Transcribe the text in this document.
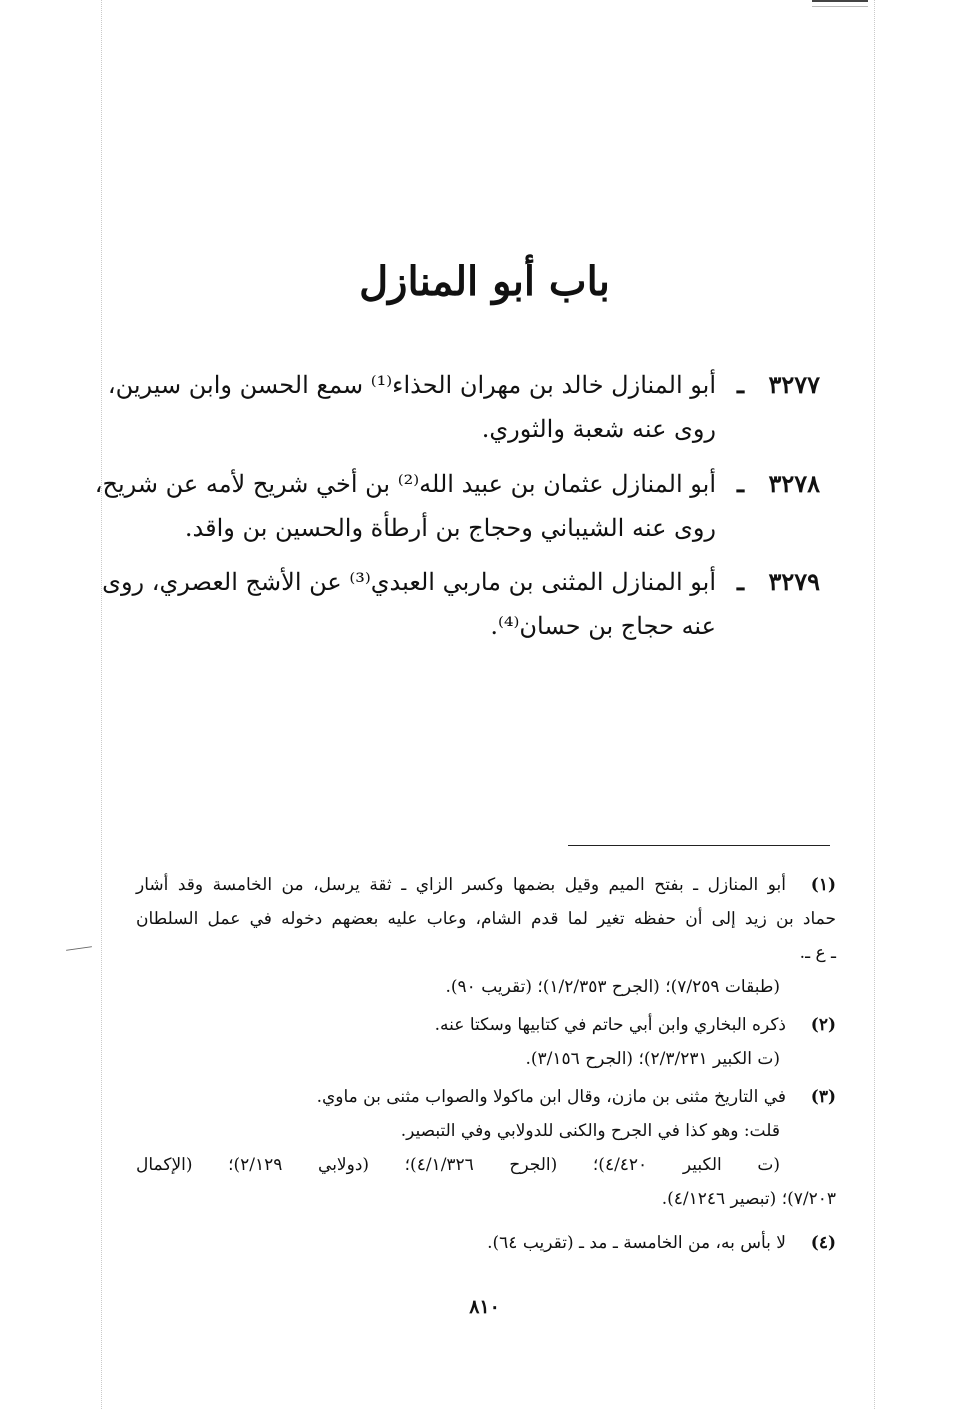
باب أبو المنازل
٣٢٧٧
ـ
أبو المنازل خالد بن مهران الحذاء⁽¹⁾ سمع الحسن وابن سيرين،
روى عنه شعبة والثوري.
٣٢٧٨
ـ
أبو المنازل عثمان بن عبيد الله⁽²⁾ بن أخي شريح لأمه عن شريح،
روى عنه الشيباني وحجاج بن أرطأة والحسين بن واقد.
٣٢٧٩
ـ
أبو المنازل المثنى بن ماربي العبدي⁽³⁾ عن الأشج العصري، روى
عنه حجاج بن حسان⁽⁴⁾.
(١)
أبو المنازل ـ بفتح الميم وقيل بضمها وكسر الزاي ـ ثقة يرسل، من الخامسة وقد أشار
حماد بن زيد إلى أن حفظه تغير لما قدم الشام، وعاب عليه بعضهم دخوله في عمل السلطان
ـ ع ـ.
(طبقات ٧/٢٥٩)؛ (الجرح ١/٢/٣٥٣)؛ (تقريب ٩٠).
(٢)
ذكره البخاري وابن أبي حاتم في كتابيها وسكتا عنه.
(ت الكبير ٢/٣/٢٣١)؛ (الجرح ٣/١٥٦).
(٣)
في التاريخ مثنى بن مازن، وقال ابن ماكولا والصواب مثنى بن ماوي.
قلت: وهو كذا في الجرح والكنى للدولابي وفي التبصير.
(ت الكبير ٤/٤٢٠)؛ (الجرح ٤/١/٣٢٦)؛ (دولابي ٢/١٢٩)؛ (الإكمال
٧/٢٠٣)؛ (تبصير ٤/١٢٤٦).
(٤)
لا بأس به، من الخامسة ـ مد ـ (تقريب ٦٤).
٨١٠
